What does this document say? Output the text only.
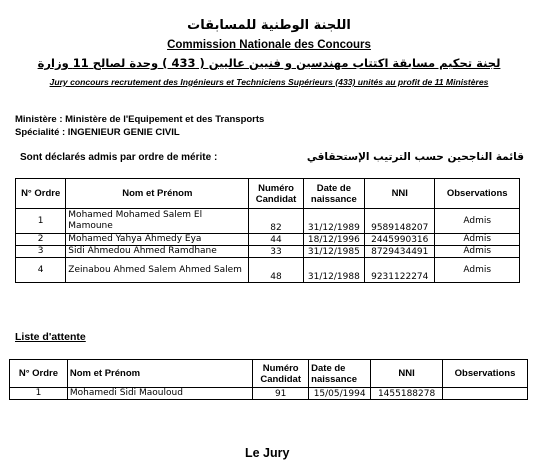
اللجنة الوطنية للمسابقات
Commission Nationale des Concours
لجنة تحكيم مسابقة اكتتاب مهندسين و فنيين عاليين ( 433 ) وحدة لصالح 11 وزارة
Jury concours recrutement des Ingénieurs et Techniciens Supérieurs (433) unités au profit de 11 Ministères
Ministère : Ministère de l'Equipement et des Transports
Spécialité : INGENIEUR GENIE CIVIL
Sont déclarés admis par ordre de mérite :	قائمة الناجحين حسب الترتيب الإستحقاقي
N° Ordre	Nom et Prénom	Numéro Candidat	Date de naissance	NNI	Observations
1	Mohamed Mohamed Salem El Mamoune	82	31/12/1989	9589148207	Admis
2	Mohamed Yahya Ahmedy Eya	44	18/12/1996	2445990316	Admis
3	Sidi Ahmedou Ahmed Ramdhane	33	31/12/1985	8729434491	Admis
4	Zeinabou Ahmed Salem Ahmed Salem	48	31/12/1988	9231122274	Admis
Liste d'attente
N° Ordre	Nom et Prénom	Numéro Candidat	Date de naissance	NNI	Observations
1	Mohamedi Sidi Maouloud	91	15/05/1994	1455188278	
Le Jury
